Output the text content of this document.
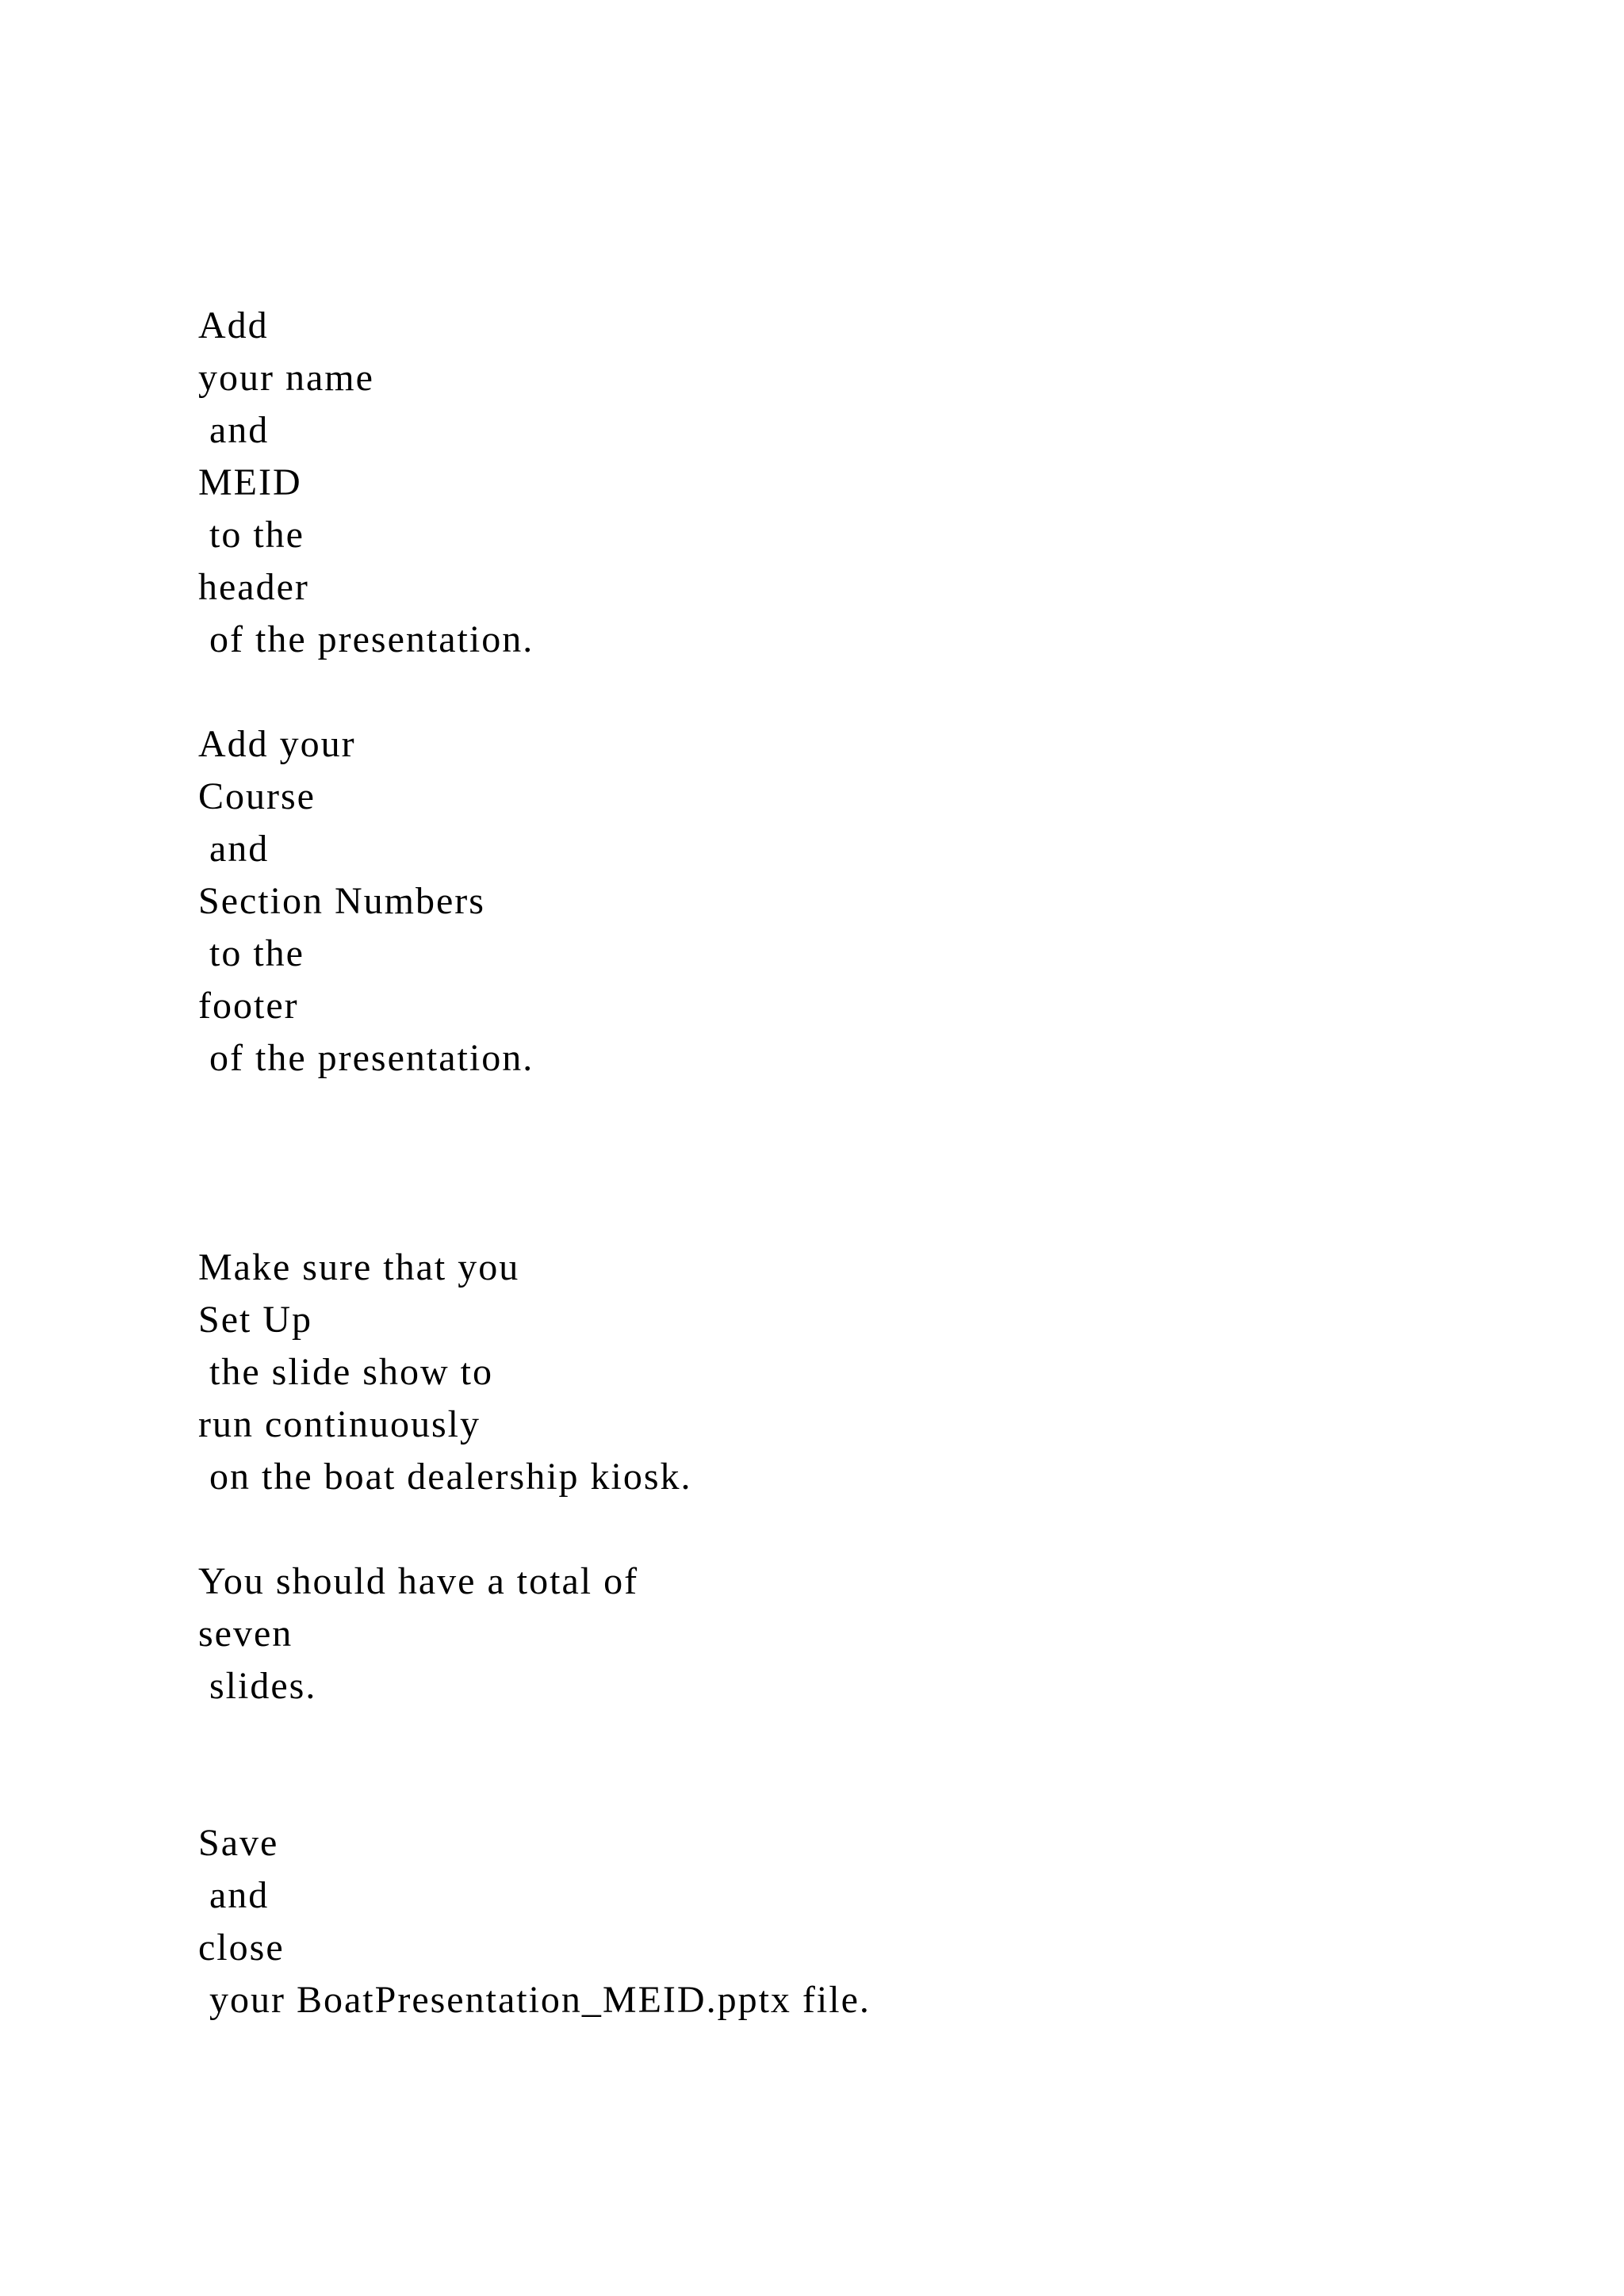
Add
your name
and
MEID
to the
header
of the presentation.
Add your
Course
and
Section Numbers
to the
footer
of the presentation.
Make sure that you
Set Up
the slide show to
run continuously
on the boat dealership kiosk.
You should have a total of
seven
slides.
Save
and
close
your BoatPresentation_MEID.pptx file.
